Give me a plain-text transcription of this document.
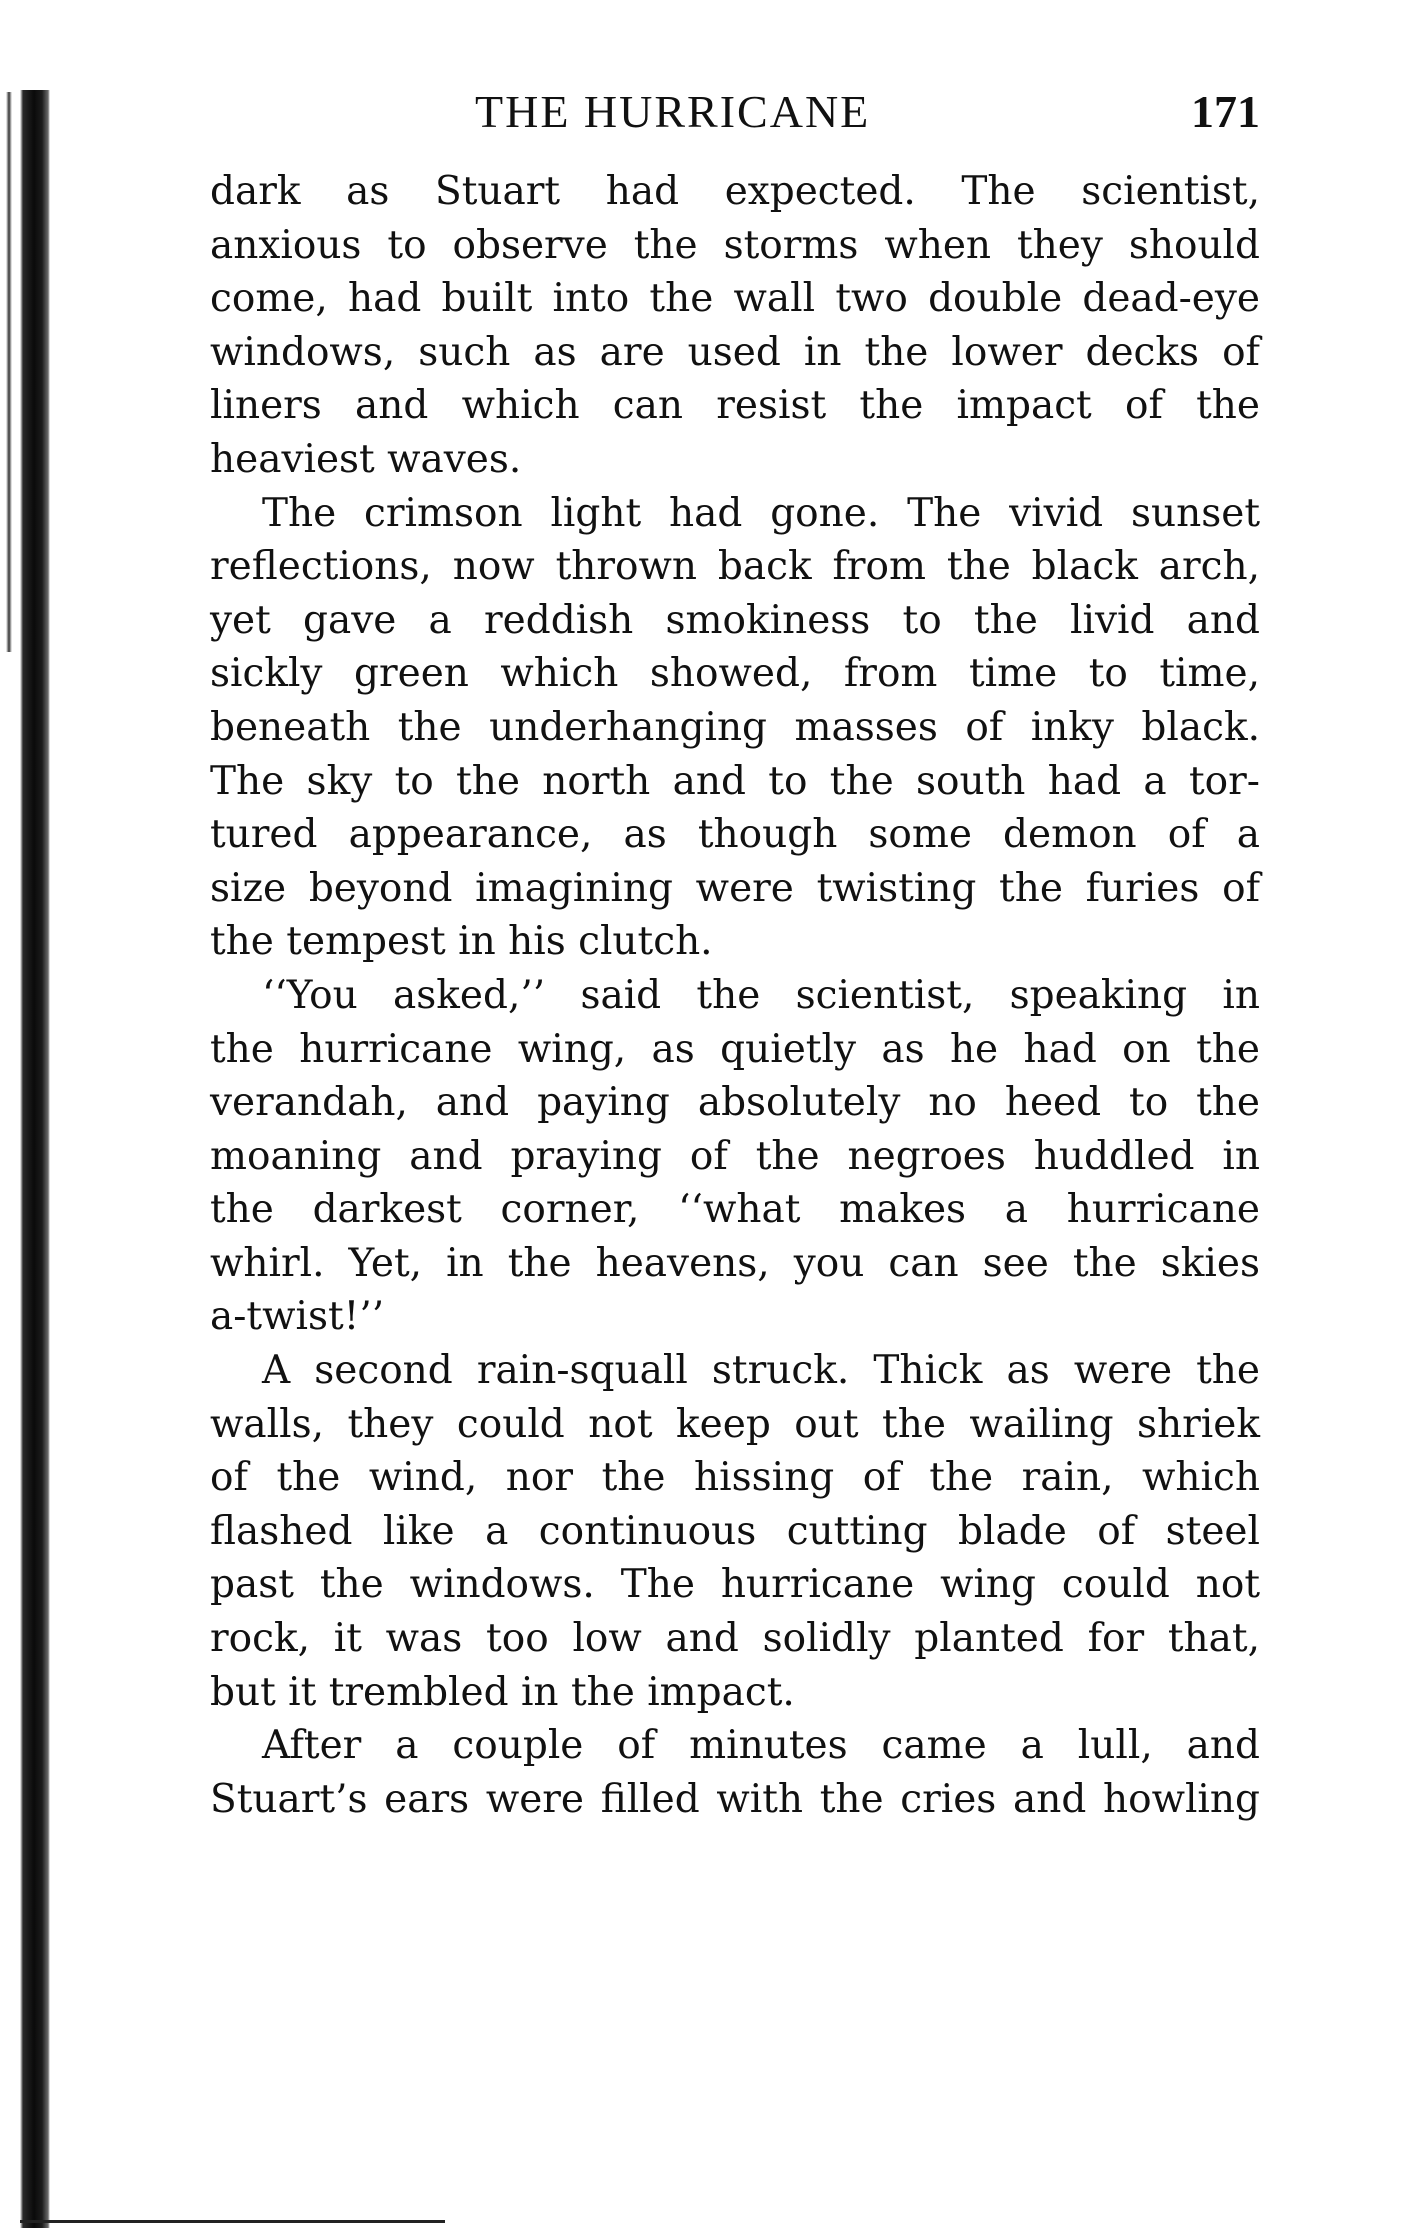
THE HURRICANE	171
dark as Stuart had expected. The scientist,
anxious to observe the storms when they should
come, had built into the wall two double dead-eye
windows, such as are used in the lower decks of
liners and which can resist the impact of the
heaviest waves.
The crimson light had gone. The vivid sunset
reflections, now thrown back from the black arch,
yet gave a reddish smokiness to the livid and
sickly green which showed, from time to time,
beneath the underhanging masses of inky black.
The sky to the north and to the south had a tor-
tured appearance, as though some demon of a
size beyond imagining were twisting the furies of
the tempest in his clutch.
‘‘You asked,’’ said the scientist, speaking in
the hurricane wing, as quietly as he had on the
verandah, and paying absolutely no heed to the
moaning and praying of the negroes huddled in
the darkest corner, ‘‘what makes a hurricane
whirl. Yet, in the heavens, you can see the skies
a-twist!’’
A second rain-squall struck. Thick as were the
walls, they could not keep out the wailing shriek
of the wind, nor the hissing of the rain, which
flashed like a continuous cutting blade of steel
past the windows. The hurricane wing could not
rock, it was too low and solidly planted for that,
but it trembled in the impact.
After a couple of minutes came a lull, and
Stuart’s ears were filled with the cries and howling
